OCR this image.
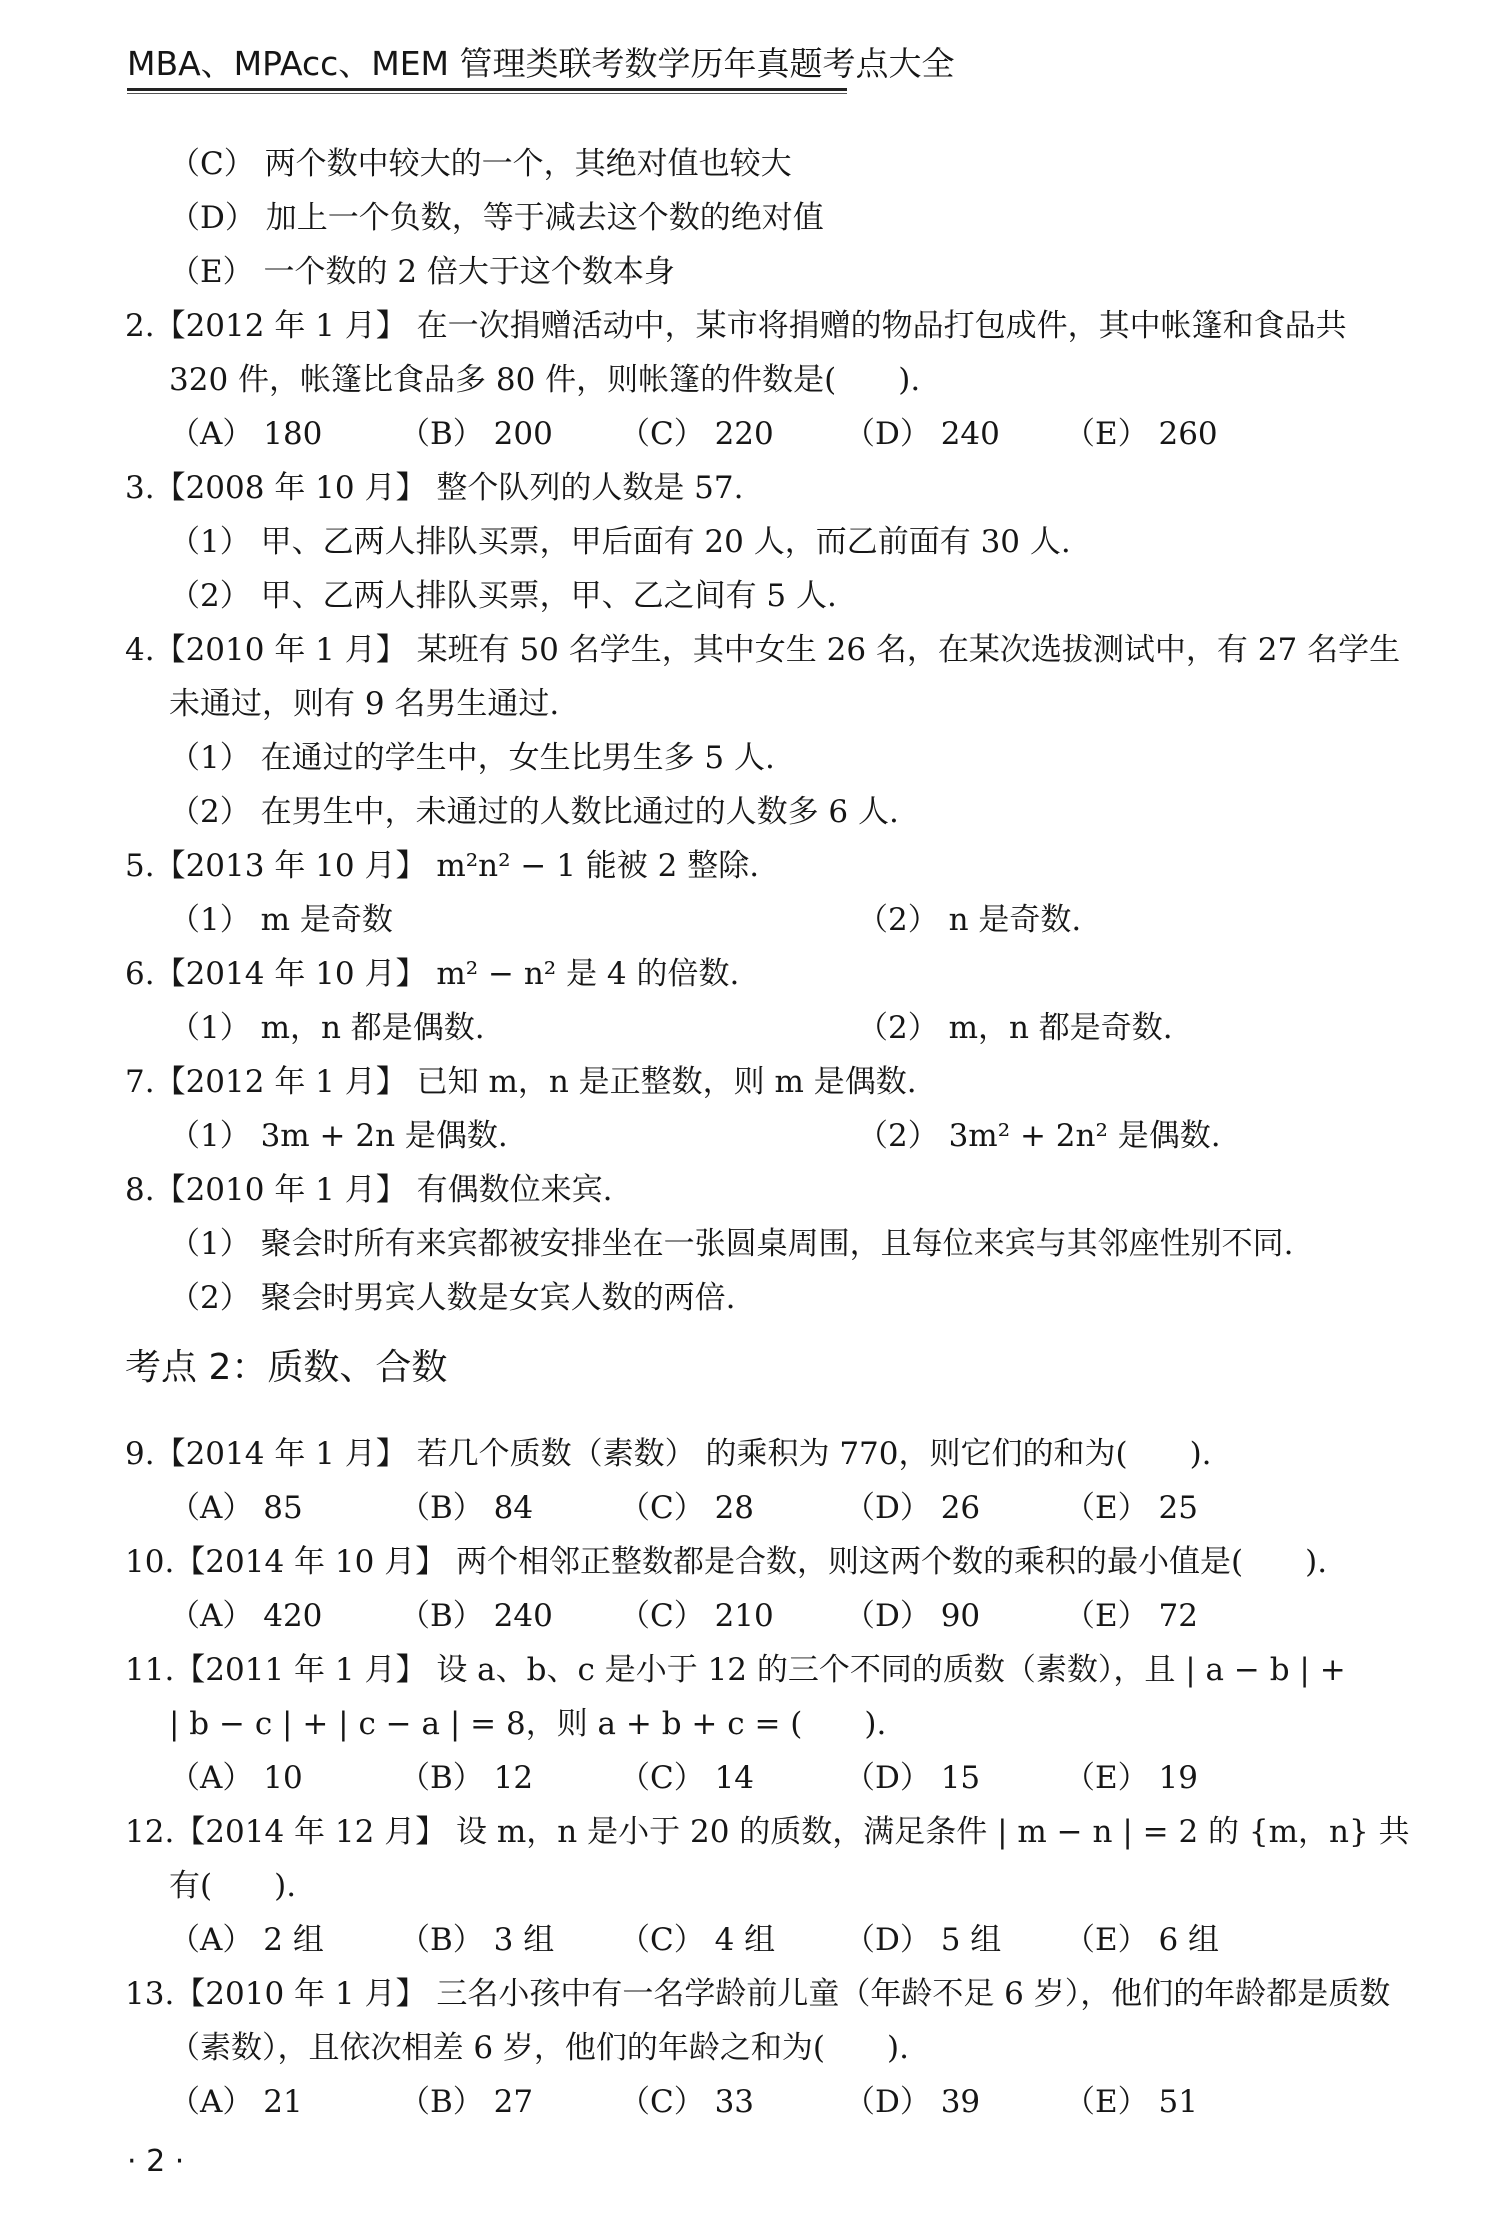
MBA、MPAcc、MEM 管理类联考数学历年真题考点大全
（C） 两个数中较大的一个，其绝对值也较大
（D） 加上一个负数，等于减去这个数的绝对值
（E） 一个数的 2 倍大于这个数本身
2.【2012 年 1 月】 在一次捐赠活动中，某市将捐赠的物品打包成件，其中帐篷和食品共
320 件，帐篷比食品多 80 件，则帐篷的件数是(　　).
（A） 180 （B） 200 （C） 220 （D） 240 （E） 260
3.【2008 年 10 月】 整个队列的人数是 57.
（1） 甲、乙两人排队买票，甲后面有 20 人，而乙前面有 30 人.
（2） 甲、乙两人排队买票，甲、乙之间有 5 人.
4.【2010 年 1 月】 某班有 50 名学生，其中女生 26 名，在某次选拔测试中，有 27 名学生
未通过，则有 9 名男生通过.
（1） 在通过的学生中，女生比男生多 5 人.
（2） 在男生中，未通过的人数比通过的人数多 6 人.
5.【2013 年 10 月】 m²n² − 1 能被 2 整除.
（1） m 是奇数	（2） n 是奇数.
6.【2014 年 10 月】 m² − n² 是 4 的倍数.
（1） m，n 都是偶数.	（2） m，n 都是奇数.
7.【2012 年 1 月】 已知 m，n 是正整数，则 m 是偶数.
（1） 3m + 2n 是偶数.	（2） 3m² + 2n² 是偶数.
8.【2010 年 1 月】 有偶数位来宾.
（1） 聚会时所有来宾都被安排坐在一张圆桌周围，且每位来宾与其邻座性别不同.
（2） 聚会时男宾人数是女宾人数的两倍.
考点 2：质数、合数
9.【2014 年 1 月】 若几个质数（素数） 的乘积为 770，则它们的和为(　　).
（A） 85	（B） 84	（C） 28	（D） 26	（E） 25
10.【2014 年 10 月】 两个相邻正整数都是合数，则这两个数的乘积的最小值是(　　).
（A） 420 （B） 240 （C） 210 （D） 90	（E） 72
11.【2011 年 1 月】 设 a、b、c 是小于 12 的三个不同的质数（素数），且 | a − b | +
| b − c | + | c − a | = 8，则 a + b + c = (　　).
（A） 10	（B） 12	（C） 14	（D） 15	（E） 19
12.【2014 年 12 月】 设 m，n 是小于 20 的质数，满足条件 | m − n | = 2 的 {m，n} 共
有(　　).
（A） 2 组 （B） 3 组 （C） 4 组 （D） 5 组 （E） 6 组
13.【2010 年 1 月】 三名小孩中有一名学龄前儿童（年龄不足 6 岁），他们的年龄都是质数
（素数），且依次相差 6 岁，他们的年龄之和为(　　).
（A） 21	（B） 27	（C） 33	（D） 39	（E） 51
· 2 ·
